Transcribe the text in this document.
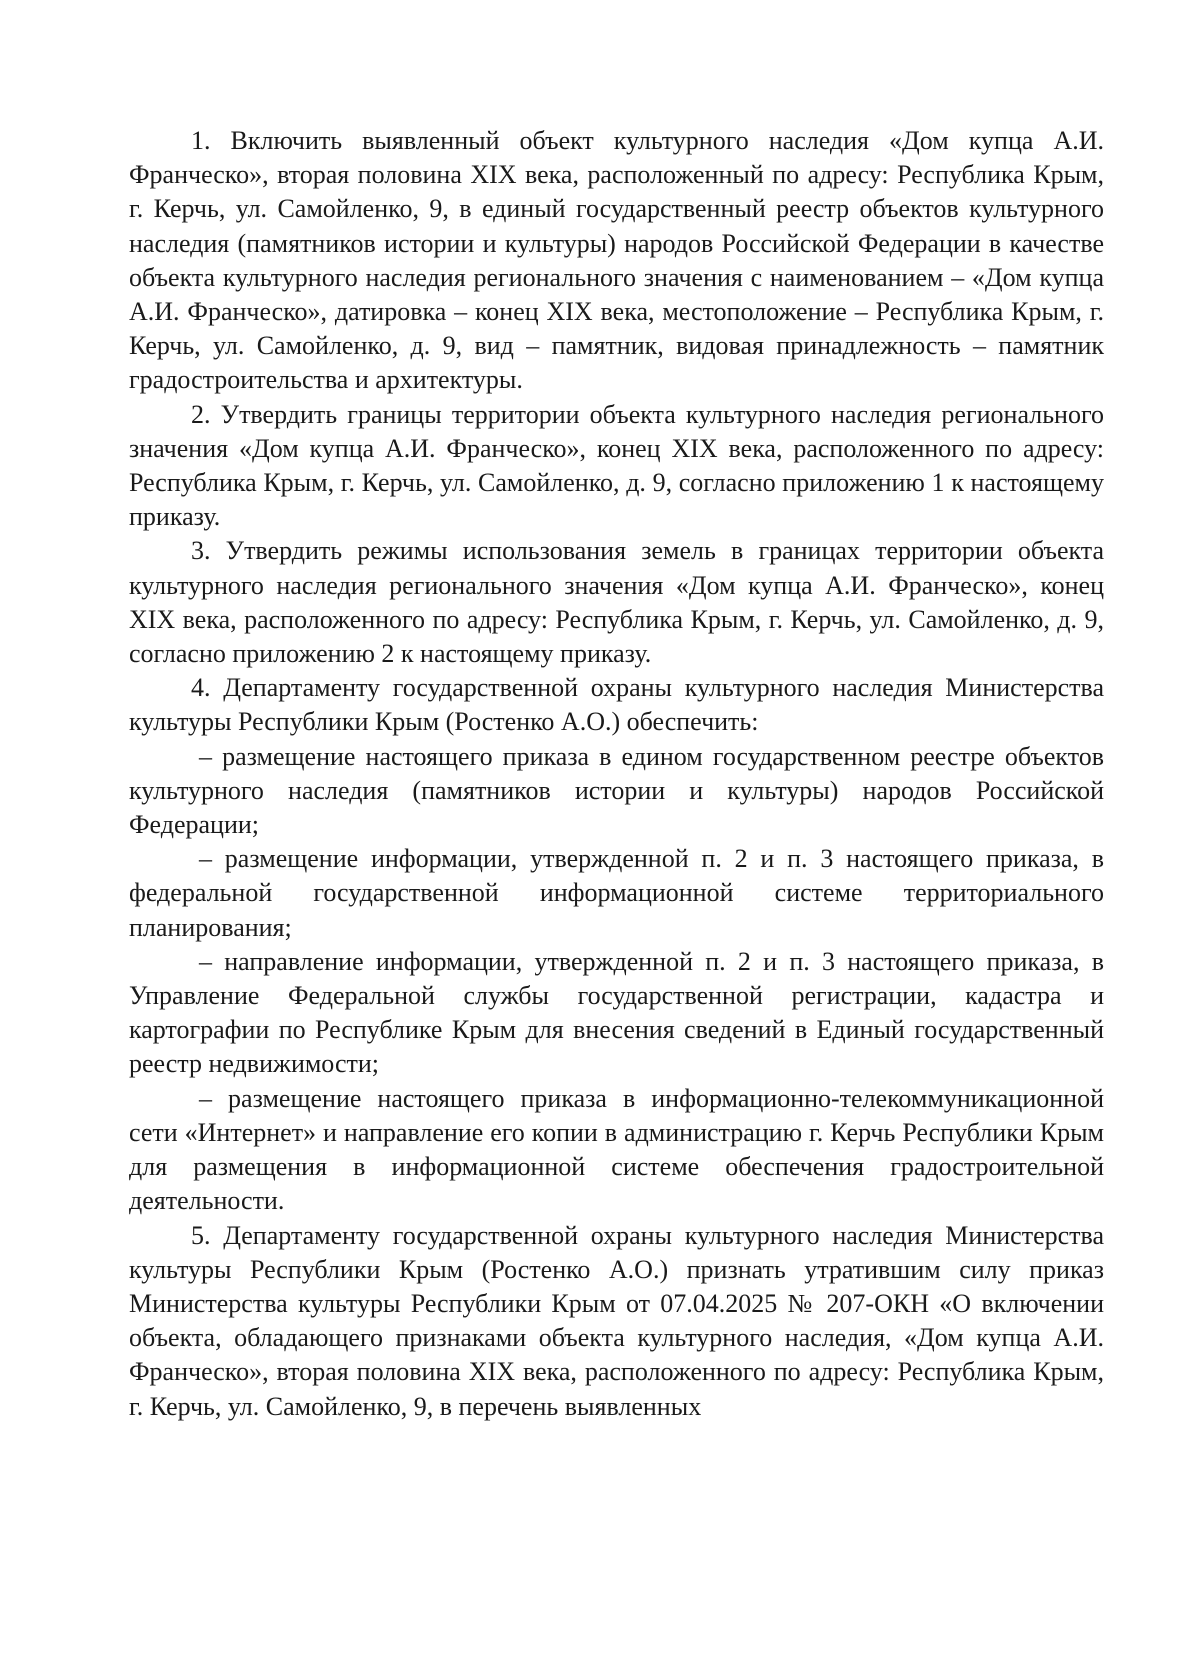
1. Включить выявленный объект культурного наследия «Дом купца А.И. Франческо», вторая половина XIX века, расположенный по адресу: Республика Крым, г. Керчь, ул. Самойленко, 9, в единый государственный реестр объектов культурного наследия (памятников истории и культуры) народов Российской Федерации в качестве объекта культурного наследия регионального значения с наименованием – «Дом купца А.И. Франческо», датировка – конец XIX века, местоположение – Республика Крым, г. Керчь, ул. Самойленко, д. 9, вид – памятник, видовая принадлежность – памятник градостроительства и архитектуры.

2. Утвердить границы территории объекта культурного наследия регионального значения «Дом купца А.И. Франческо», конец XIX века, расположенного по адресу: Республика Крым, г. Керчь, ул. Самойленко, д. 9, согласно приложению 1 к настоящему приказу.

3. Утвердить режимы использования земель в границах территории объекта культурного наследия регионального значения «Дом купца А.И. Франческо», конец XIX века, расположенного по адресу: Республика Крым, г. Керчь, ул. Самойленко, д. 9, согласно приложению 2 к настоящему приказу.

4. Департаменту государственной охраны культурного наследия Министерства культуры Республики Крым (Ростенко А.О.) обеспечить:

– размещение настоящего приказа в едином государственном реестре объектов культурного наследия (памятников истории и культуры) народов Российской Федерации;

– размещение информации, утвержденной п. 2 и п. 3 настоящего приказа, в федеральной государственной информационной системе территориального планирования;

– направление информации, утвержденной п. 2 и п. 3 настоящего приказа, в Управление Федеральной службы государственной регистрации, кадастра и картографии по Республике Крым для внесения сведений в Единый государственный реестр недвижимости;

– размещение настоящего приказа в информационно-телекоммуникационной сети «Интернет» и направление его копии в администрацию г. Керчь Республики Крым для размещения в информационной системе обеспечения градостроительной деятельности.

5. Департаменту государственной охраны культурного наследия Министерства культуры Республики Крым (Ростенко А.О.) признать утратившим силу приказ Министерства культуры Республики Крым от 07.04.2025 № 207-ОКН «О включении объекта, обладающего признаками объекта культурного наследия, «Дом купца А.И. Франческо», вторая половина XIX века, расположенного по адресу: Республика Крым, г. Керчь, ул. Самойленко, 9, в перечень выявленных
